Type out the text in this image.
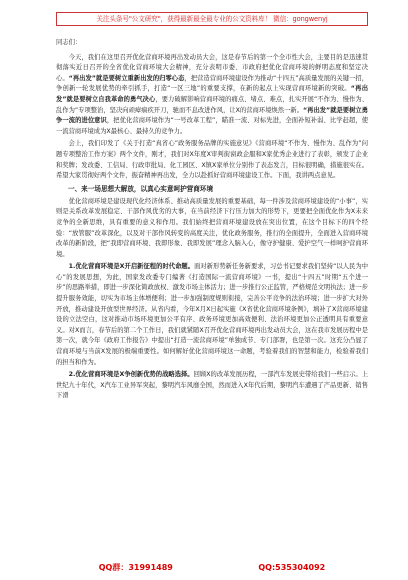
关注头条号"公文研究"，获得最新最全最专业的公文资料库！ 微信：gongwenyj

同志们：

今天，我们在这里召开优化营商环境再出发动员大会，这是春节后的第一个全市性大会，主要目的是迅速贯彻落实近日召开的全省优化营商环境大会精神，充分表明市委、市政府把优化营商环境的鲜明态度和坚定决心。“再出发”就是要树立重新出发的归零心态，把营造营商环境建设作为推动“十四五”高质量发展的关键一招，争创新一轮发展优势的牵引抓手，打造“一区三地”的重要支撑，在新的起点上实现营商环境新的突破。“再出发”就是要树立自我革命的勇气决心，要力破解影响营商环境的痛点、堵点、难点，扎实开展“不作为、慢作为、乱作为”专项整治，坚决向顽瘴痼疾开刀，驰而不息改进作风，让X的营商环境焕然一新。“再出发”就是要树立勇争一流的进位意识，把优化营商环境作为“一号改革工程”，瞄准一流、对标先进，全面补短补弱、比学赶超，使一流营商环境成为X最核心、最持久的竞争力。

会上，我们印发了《关于打造“真省心”政务服务品牌的实施意见》《营商环境“不作为、慢作为、乱作为”问题专项整治工作方案》两个文件，刚才，我们对X年度X审判街窗政企服和X家优秀企业进行了表彰，颁发了企业和奖牌；发改委、工信局、行政审批局、化工园区、X镇X家单位分别作了表态发言，目标很明确，措施很实在。希望大家贯彻好两个文件，振奋精神再出发，全力以赴抓好营商环境建设工作。下面，我讲两点意见。

一、来一场思想大解放，以真心实意呵护营商环境

优化营商环境是建设现代化经济体系、推动高质量发展的重要基础，每一件涉及营商环境建设的“小事”，实则是关系改革发展稳定、干部作风优劣的大事，在当前经济下行压力加大的形势下，更要把全面优化作为X未来竞争的全新思维，具有重要的意义和作用。我们始终把营商环境建设放在突出位置，在这个目标下的四个经验：“放管服”改革深化，以及对干部作风转变的高度关注，优化政务服务，推行的全面提升，全面进入营商环境改革的新阶段，把“我即营商环境、我即形象、我即发展”理念入脑入心，像守护健康、爱护空气一样呵护营商环境。

1.优化营商环境是X开启新征程的时代命题。面对新形势新任务新要求，习总书记要求我们坚持“以人民为中心”的发展思想，为此，国家发改委专门编著《打造国际一流营商环境》一书，提出“十四五”时期“五个进一步”的思路举措，即进一步深化简政放权、激发市场主体活力；进一步推行公正监管，严格规范文明执法；进一步提升服务效能，切实为市场主体增便利；进一步加强制度规则衔接，完善公平竞争的法治环境；进一步扩大对外开放，推动建设开放型世界经济。从省内看，今年X月X日起实施《X省优化营商环境条例》，填补了X营商环境建设的立法空白，这对推动市场环境更加公平有序、政务环境更加高效便利、法治环境更加公正透明具有重要意义。对X而言，春节后的第二个工作日，我们就紧随X召开优化营商环境再出发动员大会，这在我市发展历程中是第一次，就今年《政府工作报告》中提出“打造一流营商环境”单独成节、专门部署，也是第一次。这充分凸显了营商环境与当前X发展的极端重要性。如何解好优化营商环境这一命题，考验着我们的智慧和能力，检验着我们的担当和作为。

2.优化营商环境是X争创新优势的战略选择。回顾X的改革发展历程，一部汽车发展史带给我们一些启示。上世纪九十年代，X汽车工业异军突起，黎明汽车风靡全国，然而进入X年代后期，黎明汽车遭遇了产品更新、销售下滑

QQ群：31991489	QQ:535304092
